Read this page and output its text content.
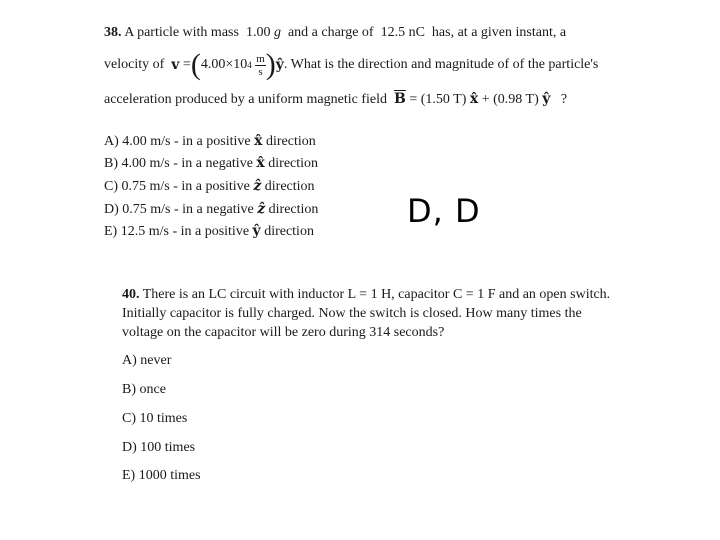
38. A particle with mass 1.00 g and a charge of 12.5 nC has, at a given instant, a
velocity of
v
= ( 4.00×10 4
$\frac{m}{s}$ ) ŷ . What is the direction and magnitude of of the particle's
acceleration produced by a uniform magnetic field $\overline{B} = (1.50$ T) x̂ + (0.98 T) ŷ ?
A) 4.00 m/s - in a positive x̂ direction
B) 4.00 m/s - in a negative x̂ direction
C) 0.75 m/s - in a positive ẑ direction
D) 0.75 m/s - in a negative ẑ direction
E) 12.5 m/s - in a positive ŷ direction
D, D
40. There is an LC circuit with inductor L = 1 H, capacitor C = 1 F and an open switch.
Initially capacitor is fully charged. Now the switch is closed. How many times the
voltage on the capacitor will be zero during 314 seconds?
A) never
B) once
C) 10 times
D) 100 times
E) 1000 times
